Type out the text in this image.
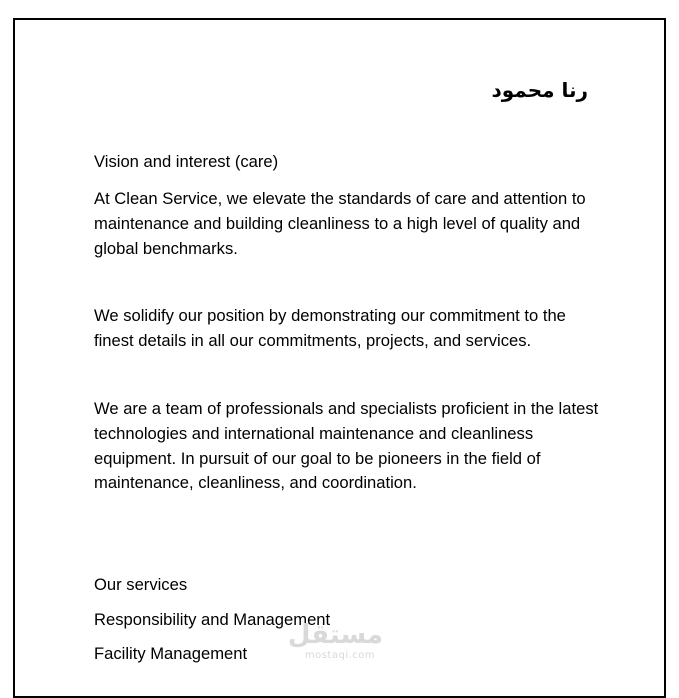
رنا محمود

Vision and interest (care)

At Clean Service, we elevate the standards of care and attention to maintenance and building cleanliness to a high level of quality and global benchmarks.

We solidify our position by demonstrating our commitment to the finest details in all our commitments, projects, and services.

We are a team of professionals and specialists proficient in the latest technologies and international maintenance and cleanliness equipment. In pursuit of our goal to be pioneers in the field of maintenance, cleanliness, and coordination.

Our services

Responsibility and Management

Facility Management

مستقل
mostaqi.com
